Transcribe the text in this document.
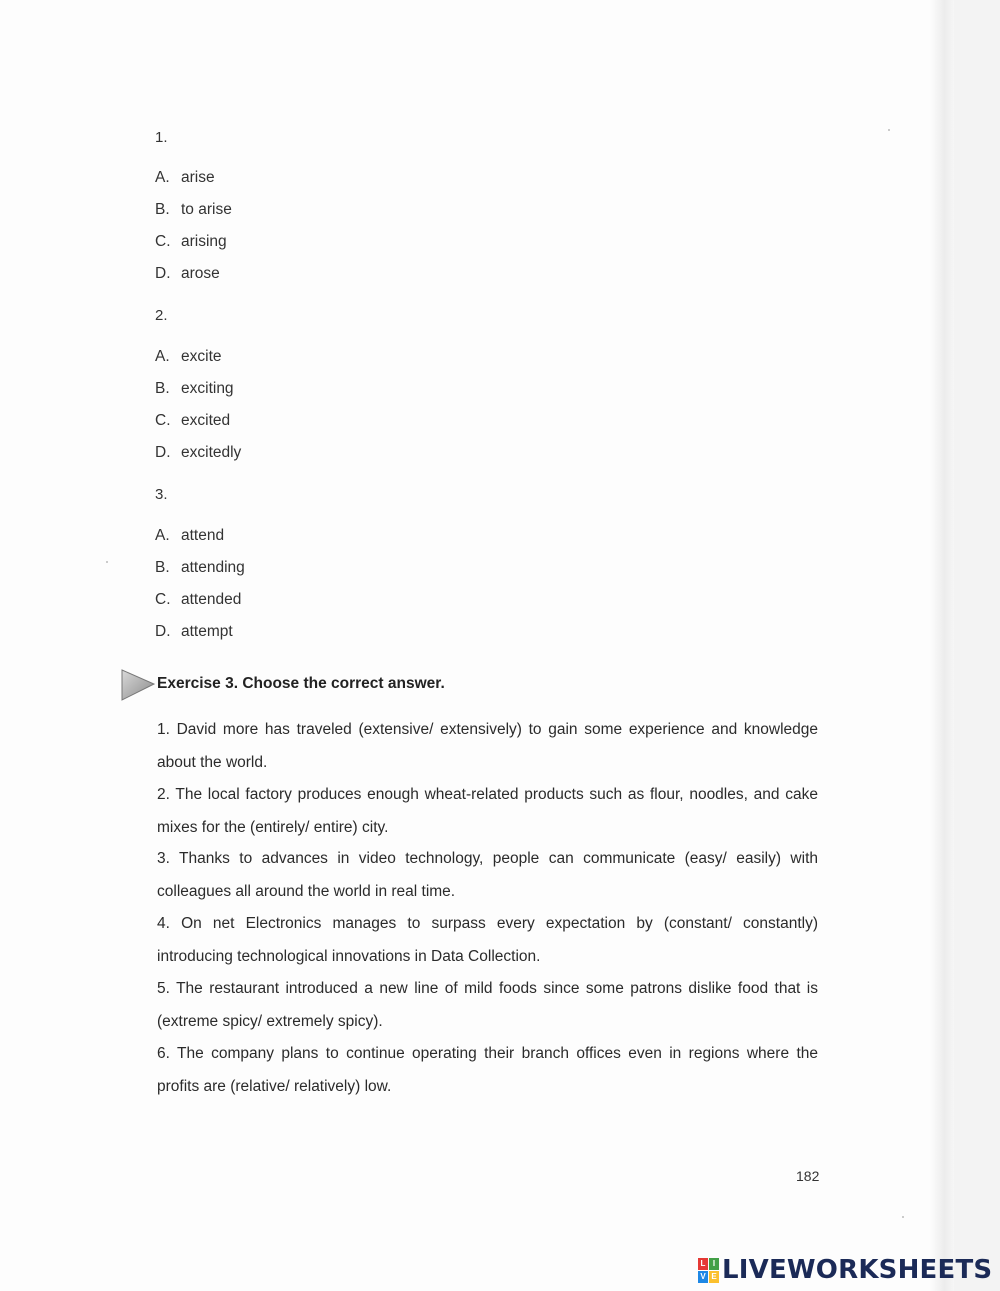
1.
A. arise
B. to arise
C. arising
D. arose
2.
A. excite
B. exciting
C. excited
D. excitedly
3.
A. attend
B. attending
C. attended
D. attempt
Exercise 3. Choose the correct answer.
1. David more has traveled (extensive/ extensively) to gain some experience and knowledge about the world.
2. The local factory produces enough wheat-related products such as flour, noodles, and cake mixes for the (entirely/ entire) city.
3. Thanks to advances in video technology, people can communicate (easy/ easily) with colleagues all around the world in real time.
4. On net Electronics manages to surpass every expectation by (constant/ constantly) introducing technological innovations in Data Collection.
5. The restaurant introduced a new line of mild foods since some patrons dislike food that is (extreme spicy/ extremely spicy).
6. The company plans to continue operating their branch offices even in regions where the profits are (relative/ relatively) low.
182
L I
V E LIVEWORKSHEETS
